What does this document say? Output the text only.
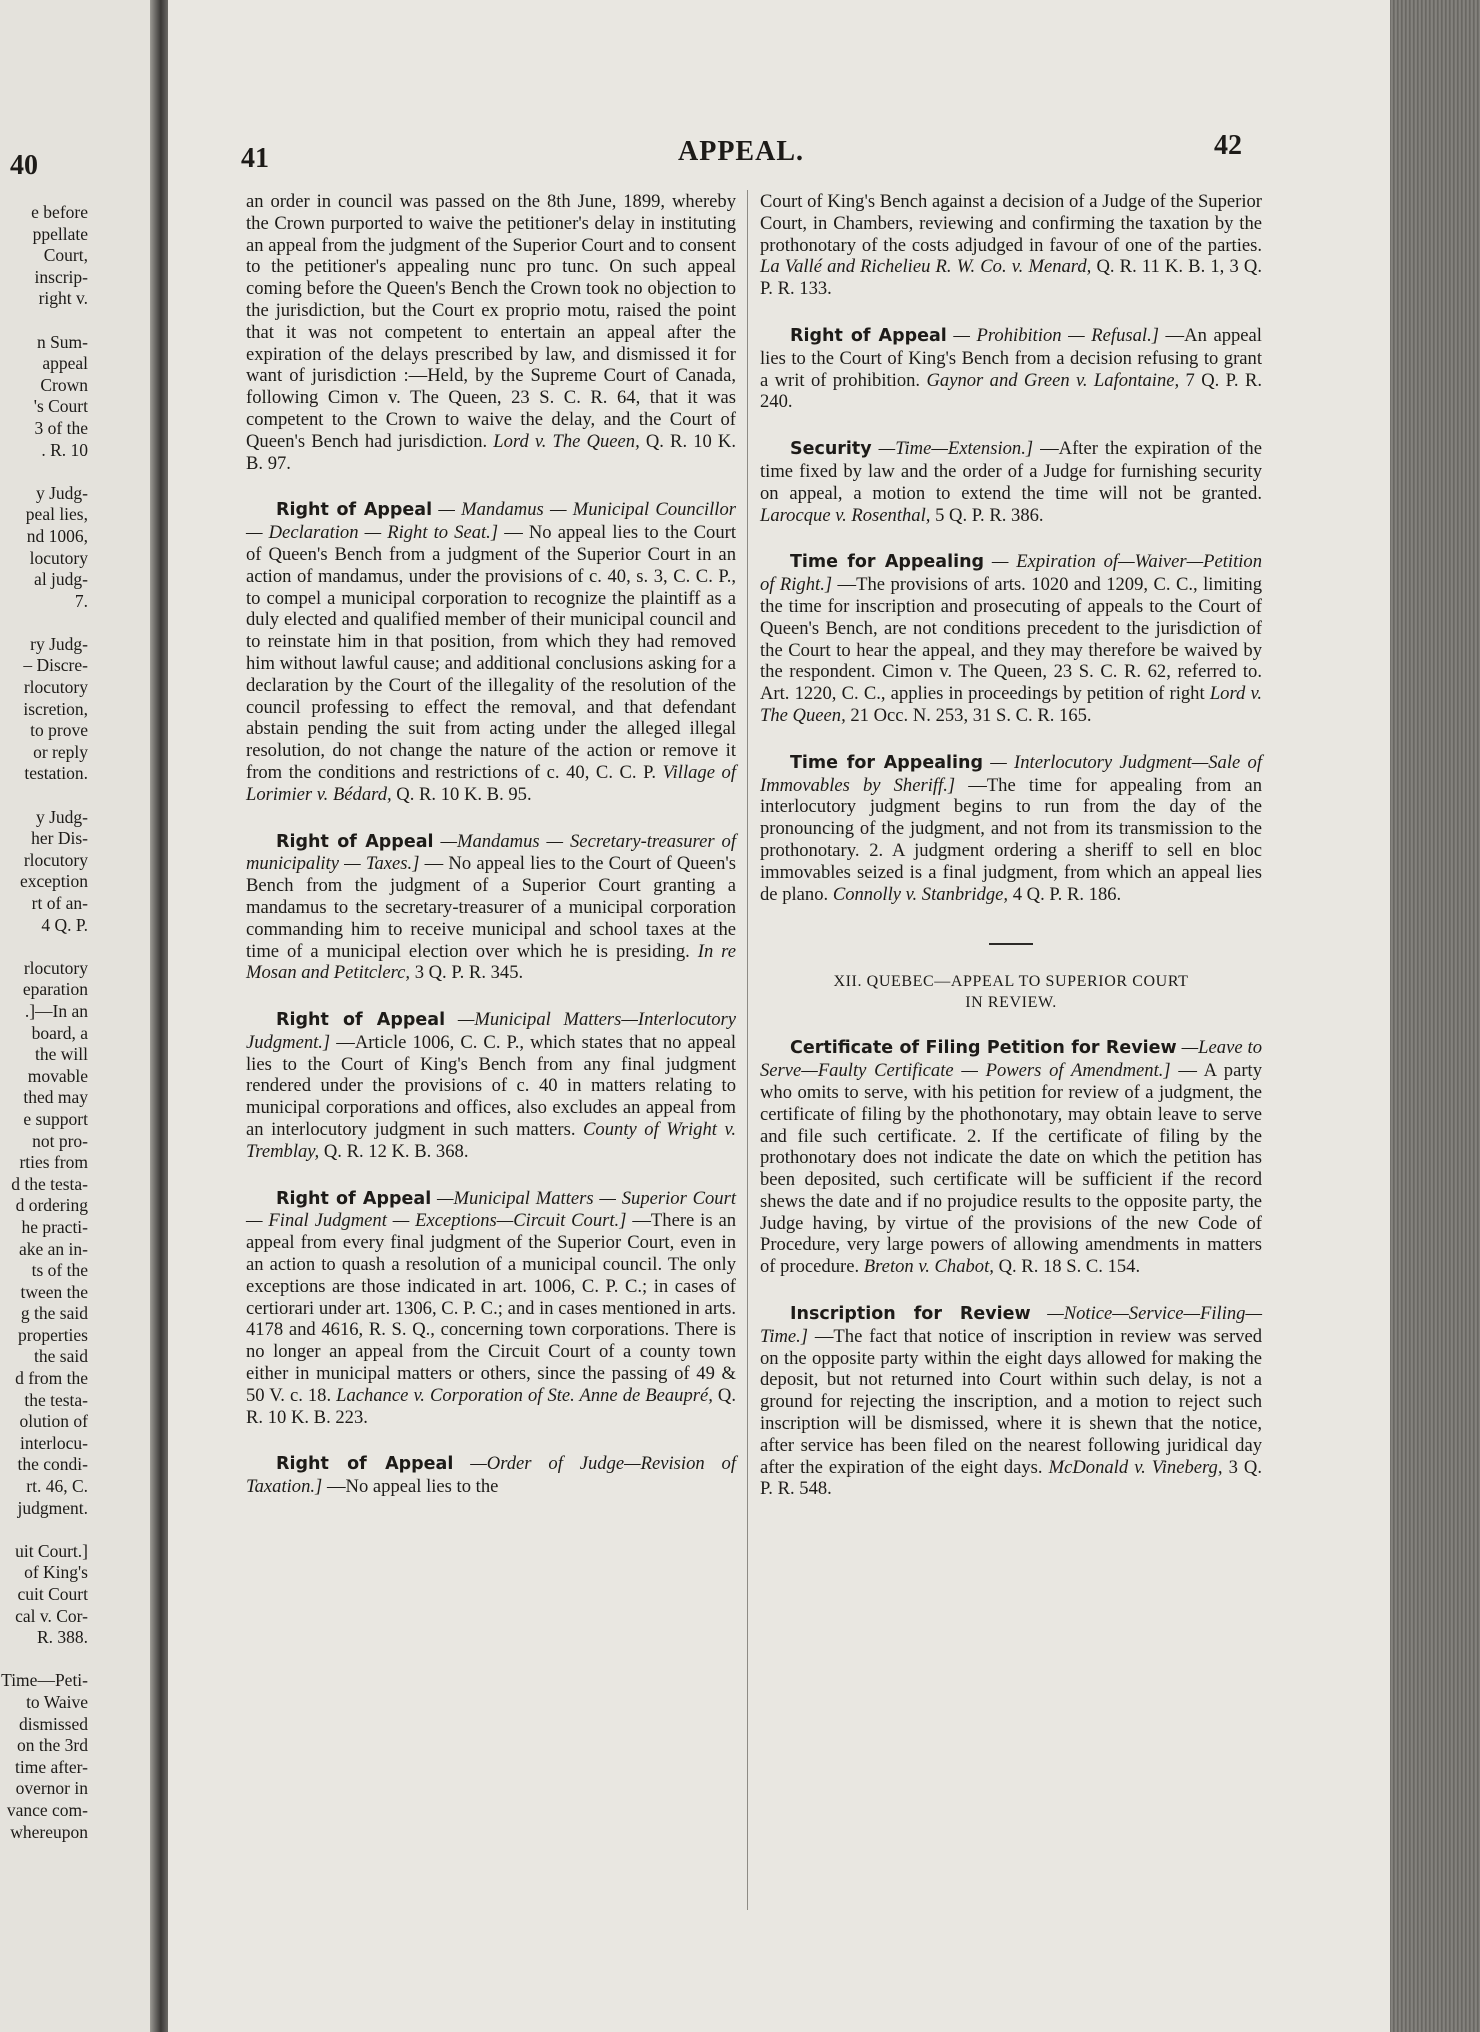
40
e before
ppellate
Court,
inscrip-
right v.
n Sum-
appeal
Crown
's Court
3 of the
. R. 10
y Judg-
peal lies,
nd 1006,
locutory
al judg-
7.
ry Judg-
– Discre-
rlocutory
iscretion,
to prove
or reply
testation.
y Judg-
her Dis-
rlocutory
exception
rt of an-
4 Q. P.
rlocutory
eparation
.]—In an
board, a
the will
movable
thed may
e support
not pro-
rties from
d the testa-
d ordering
he practi-
ake an in-
ts of the
tween the
g the said
properties
the said
d from the
the testa-
olution of
interlocu-
the condi-
rt. 46, C.
judgment.
uit Court.]
of King's
cuit Court
cal v. Cor-
R. 388.
Time—Peti-
to Waive
dismissed
on the 3rd
time after-
overnor in
vance com-
whereupon
41	APPEAL.	42

an order in council was passed on the 8th June, 1899, whereby the Crown purported to waive the petitioner's delay in instituting an appeal from the judgment of the Superior Court and to consent to the petitioner's appealing nunc pro tunc. On such appeal coming before the Queen's Bench the Crown took no objection to the jurisdiction, but the Court ex proprio motu, raised the point that it was not competent to entertain an appeal after the expiration of the delays prescribed by law, and dismissed it for want of jurisdiction :—Held, by the Supreme Court of Canada, following Cimon v. The Queen, 23 S. C. R. 64, that it was competent to the Crown to waive the delay, and the Court of Queen's Bench had jurisdiction. Lord v. The Queen, Q. R. 10 K. B. 97.

Right of Appeal — Mandamus — Municipal Councillor — Declaration — Right to Seat.] — No appeal lies to the Court of Queen's Bench from a judgment of the Superior Court in an action of mandamus, under the provisions of c. 40, s. 3, C. C. P., to compel a municipal corporation to recognize the plaintiff as a duly elected and qualified member of their municipal council and to reinstate him in that position, from which they had removed him without lawful cause; and additional conclusions asking for a declaration by the Court of the illegality of the resolution of the council professing to effect the removal, and that defendant abstain pending the suit from acting under the alleged illegal resolution, do not change the nature of the action or remove it from the conditions and restrictions of c. 40, C. C. P. Village of Lorimier v. Bédard, Q. R. 10 K. B. 95.

Right of Appeal —Mandamus — Secretary-treasurer of municipality — Taxes.] — No appeal lies to the Court of Queen's Bench from the judgment of a Superior Court granting a mandamus to the secretary-treasurer of a municipal corporation commanding him to receive municipal and school taxes at the time of a municipal election over which he is presiding. In re Mosan and Petitclerc, 3 Q. P. R. 345.

Right of Appeal —Municipal Matters—Interlocutory Judgment.] —Article 1006, C. C. P., which states that no appeal lies to the Court of King's Bench from any final judgment rendered under the provisions of c. 40 in matters relating to municipal corporations and offices, also excludes an appeal from an interlocutory judgment in such matters. County of Wright v. Tremblay, Q. R. 12 K. B. 368.

Right of Appeal —Municipal Matters — Superior Court — Final Judgment — Exceptions—Circuit Court.] —There is an appeal from every final judgment of the Superior Court, even in an action to quash a resolution of a municipal council. The only exceptions are those indicated in art. 1006, C. P. C.; in cases of certiorari under art. 1306, C. P. C.; and in cases mentioned in arts. 4178 and 4616, R. S. Q., concerning town corporations. There is no longer an appeal from the Circuit Court of a county town either in municipal matters or others, since the passing of 49 & 50 V. c. 18. Lachance v. Corporation of Ste. Anne de Beaupré, Q. R. 10 K. B. 223.

Right of Appeal —Order of Judge—Revision of Taxation.] —No appeal lies to the

Court of King's Bench against a decision of a Judge of the Superior Court, in Chambers, reviewing and confirming the taxation by the prothonotary of the costs adjudged in favour of one of the parties. La Vallé and Richelieu R. W. Co. v. Menard, Q. R. 11 K. B. 1, 3 Q. P. R. 133.

Right of Appeal — Prohibition — Refusal.] —An appeal lies to the Court of King's Bench from a decision refusing to grant a writ of prohibition. Gaynor and Green v. Lafontaine, 7 Q. P. R. 240.

Security —Time—Extension.] —After the expiration of the time fixed by law and the order of a Judge for furnishing security on appeal, a motion to extend the time will not be granted. Larocque v. Rosenthal, 5 Q. P. R. 386.

Time for Appealing — Expiration of—Waiver—Petition of Right.] —The provisions of arts. 1020 and 1209, C. C., limiting the time for inscription and prosecuting of appeals to the Court of Queen's Bench, are not conditions precedent to the jurisdiction of the Court to hear the appeal, and they may therefore be waived by the respondent. Cimon v. The Queen, 23 S. C. R. 62, referred to. Art. 1220, C. C., applies in proceedings by petition of right Lord v. The Queen, 21 Occ. N. 253, 31 S. C. R. 165.

Time for Appealing — Interlocutory Judgment—Sale of Immovables by Sheriff.] —The time for appealing from an interlocutory judgment begins to run from the day of the pronouncing of the judgment, and not from its transmission to the prothonotary. 2. A judgment ordering a sheriff to sell en bloc immovables seized is a final judgment, from which an appeal lies de plano. Connolly v. Stanbridge, 4 Q. P. R. 186.

XII. QUEBEC—APPEAL TO SUPERIOR COURT
IN REVIEW.

Certificate of Filing Petition for Review —Leave to Serve—Faulty Certificate — Powers of Amendment.] — A party who omits to serve, with his petition for review of a judgment, the certificate of filing by the phothonotary, may obtain leave to serve and file such certificate. 2. If the certificate of filing by the prothonotary does not indicate the date on which the petition has been deposited, such certificate will be sufficient if the record shews the date and if no projudice results to the opposite party, the Judge having, by virtue of the provisions of the new Code of Procedure, very large powers of allowing amendments in matters of procedure. Breton v. Chabot, Q. R. 18 S. C. 154.

Inscription for Review —Notice—Service—Filing—Time.] —The fact that notice of inscription in review was served on the opposite party within the eight days allowed for making the deposit, but not returned into Court within such delay, is not a ground for rejecting the inscription, and a motion to reject such inscription will be dismissed, where it is shewn that the notice, after service has been filed on the nearest following juridical day after the expiration of the eight days. McDonald v. Vineberg, 3 Q. P. R. 548.
